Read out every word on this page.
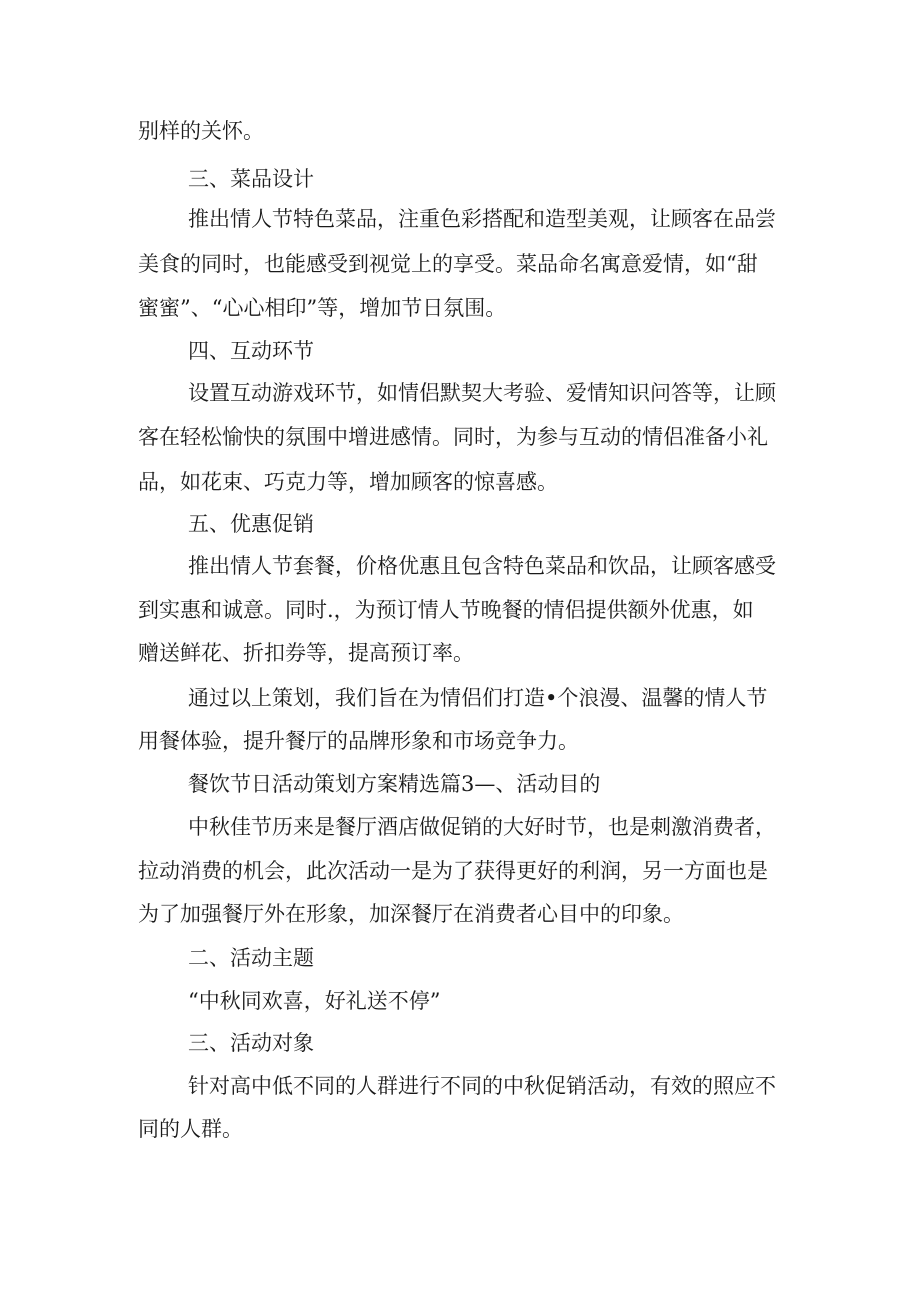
别样的关怀。
三、菜品设计
推出情人节特色菜品，注重色彩搭配和造型美观，让顾客在品尝
美食的同时，也能感受到视觉上的享受。菜品命名寓意爱情，如“甜
蜜蜜”、“心心相印”等，增加节日氛围。
四、互动环节
设置互动游戏环节，如情侣默契大考验、爱情知识问答等，让顾
客在轻松愉快的氛围中增进感情。同时，为参与互动的情侣准备小礼
品，如花束、巧克力等，增加顾客的惊喜感。
五、优惠促销
推出情人节套餐，价格优惠且包含特色菜品和饮品，让顾客感受
到实惠和诚意。同时.，为预订情人节晚餐的情侣提供额外优惠，如
赠送鲜花、折扣券等，提高预订率。
通过以上策划，我们旨在为情侣们打造•个浪漫、温馨的情人节
用餐体验，提升餐厅的品牌形象和市场竞争力。
餐饮节日活动策划方案精选篇3—、活动目的
中秋佳节历来是餐厅酒店做促销的大好时节，也是刺激消费者，
拉动消费的机会，此次活动一是为了获得更好的利润，另一方面也是
为了加强餐厅外在形象，加深餐厅在消费者心目中的印象。
二、活动主题
“中秋同欢喜，好礼送不停”
三、活动对象
针对高中低不同的人群进行不同的中秋促销活动，有效的照应不
同的人群。
